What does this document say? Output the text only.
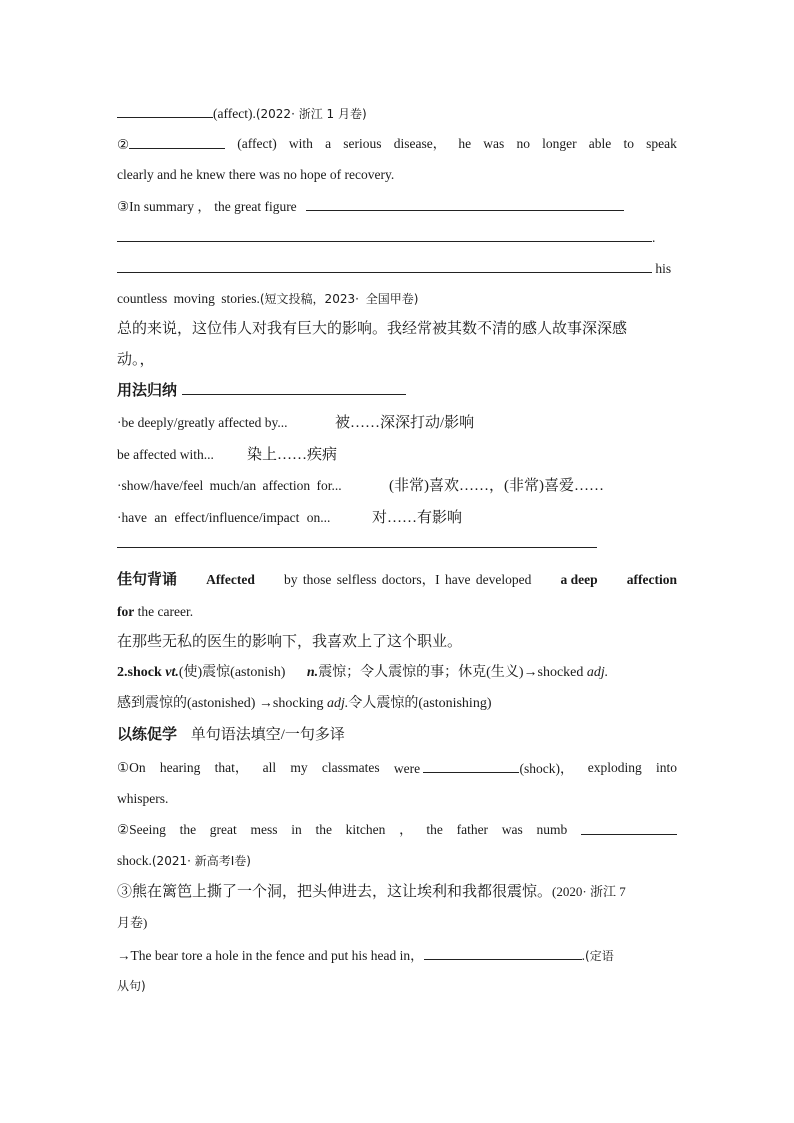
(affect).(2022· 浙江 1 月卷)
②	(affect) with a serious disease， he was no longer able to speak
clearly and he knew there was no hope of recovery.
③In summary ， the great figure
.
his
countless moving stories.(短文投稿，2023· 全国甲卷)
总的来说，这位伟人对我有巨大的影响。我经常被其数不清的感人故事深深感
动。，
用法归纳
·be deeply/greatly affected by...	被……深深打动/影响
be affected with... 染上……疾病
·show/have/feel much/an affection for...	(非常)喜欢……，(非常)喜爱……
·have an effect/influence/impact on...	对……有影响
佳句背诵 Affected by those selfless doctors，I have developed a deep affection
for the career.
在那些无私的医生的影响下，我喜欢上了这个职业。
2.shock vt.(使)震惊(astonish) n.震惊；令人震惊的事；休克(生义)→shocked adj.
感到震惊的(astonished) →shocking adj.令人震惊的(astonishing)
以练促学 单句语法填空/一句多译
①On hearing that， all my classmates were	(shock)， exploding into
whispers.
②Seeing the great mess in the kitchen ， the father was numb
shock.(2021· 新高考Ⅰ卷)
③熊在篱笆上撕了一个洞，把头伸进去，这让埃利和我都很震惊。(2020· 浙江 7
月卷)
→The bear tore a hole in the fence and put his head in，	.(定语
从句)
